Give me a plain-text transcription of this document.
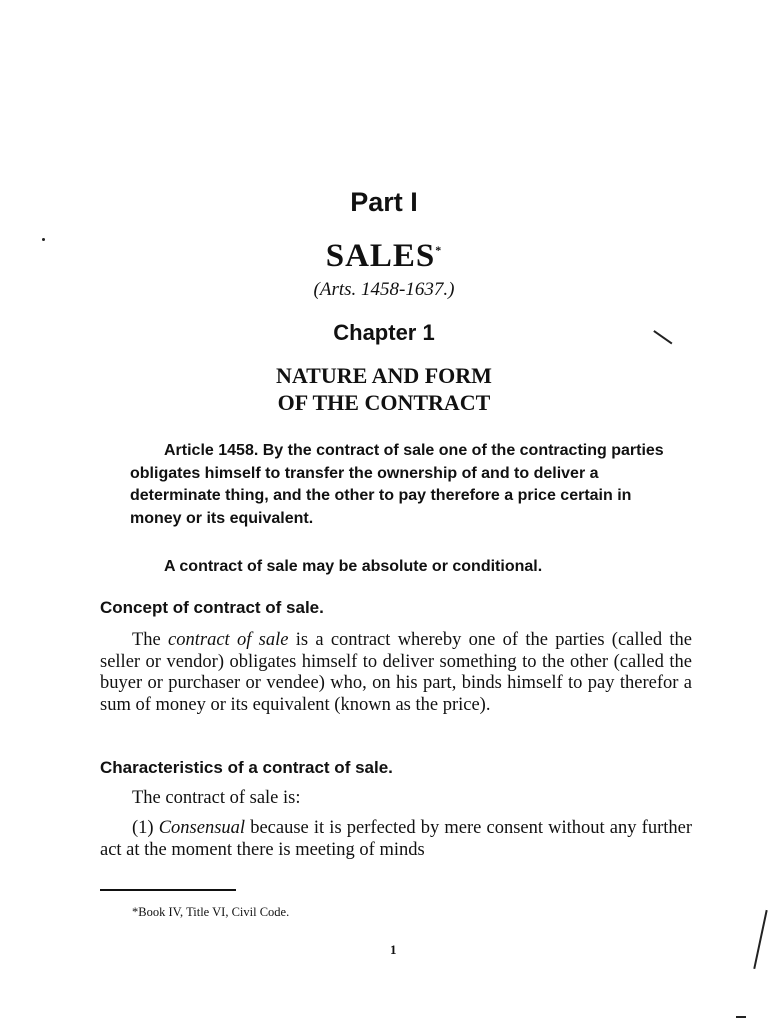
Part I
SALES*
(Arts. 1458-1637.)
Chapter 1
NATURE AND FORM
OF THE CONTRACT
Article 1458. By the contract of sale one of the contracting parties obligates himself to transfer the ownership of and to deliver a determinate thing, and the other to pay therefore a price certain in money or its equivalent.
A contract of sale may be absolute or conditional.
Concept of contract of sale.
The contract of sale is a contract whereby one of the parties (called the seller or vendor) obligates himself to deliver something to the other (called the buyer or purchaser or vendee) who, on his part, binds himself to pay therefor a sum of money or its equivalent (known as the price).
Characteristics of a contract of sale.
The contract of sale is:
(1) Consensual because it is perfected by mere consent without any further act at the moment there is meeting of minds
*Book IV, Title VI, Civil Code.
1
